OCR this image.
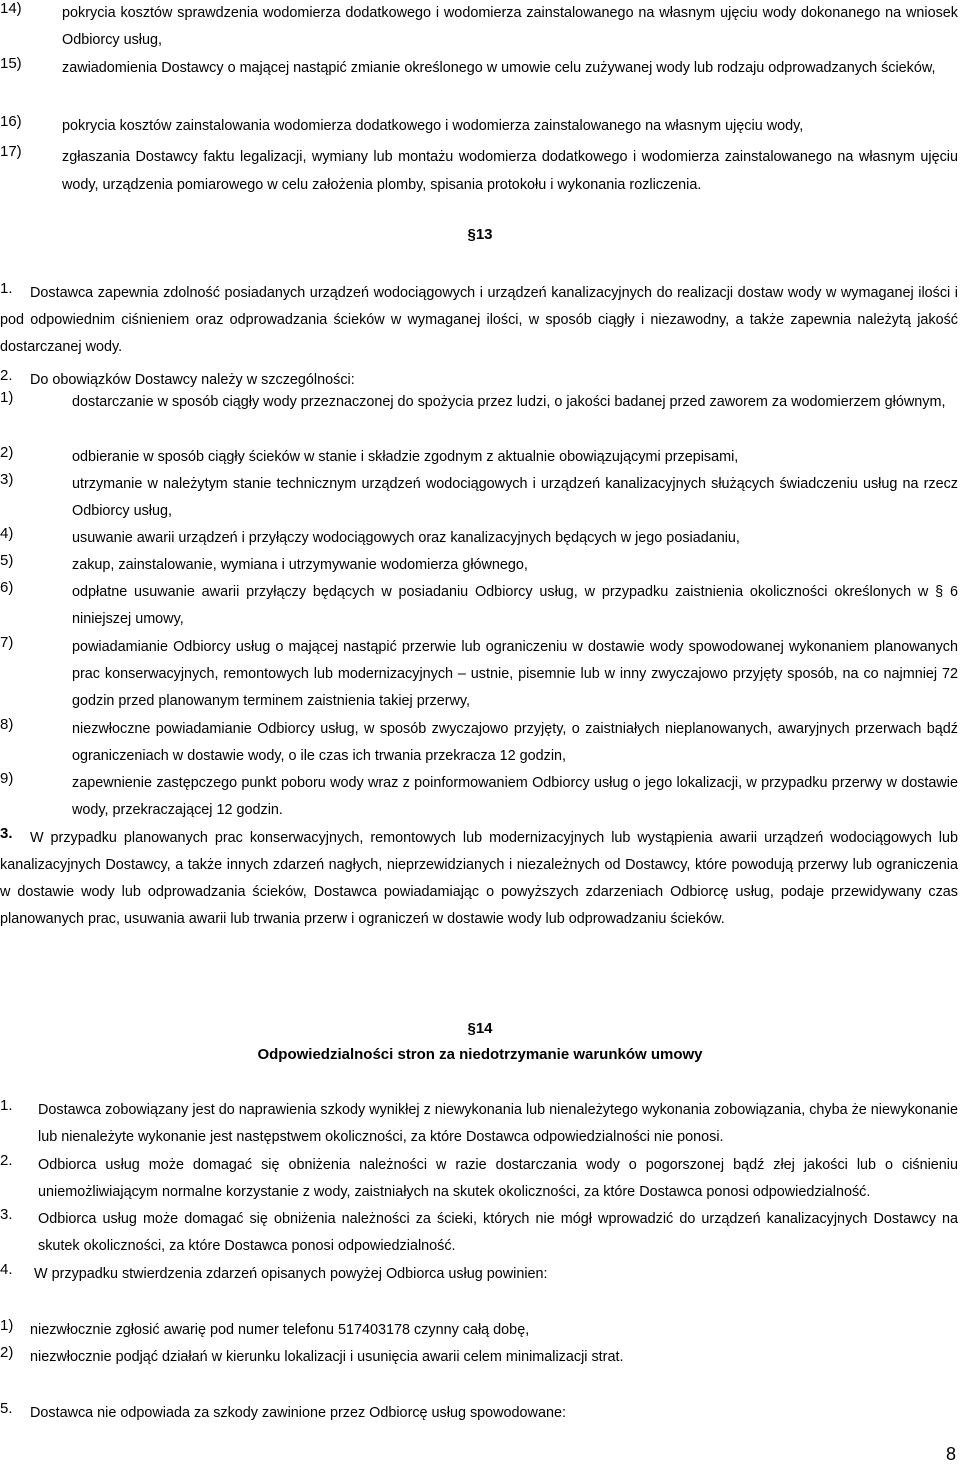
14)	pokrycia kosztów sprawdzenia wodomierza dodatkowego i wodomierza zainstalowanego na własnym ujęciu wody dokonanego na wniosek Odbiorcy usług,
15)	zawiadomienia Dostawcy o mającej nastąpić zmianie określonego w umowie celu zużywanej wody lub rodzaju odprowadzanych ścieków,
16)	pokrycia kosztów zainstalowania wodomierza dodatkowego i wodomierza zainstalowanego na własnym ujęciu wody,
17)	zgłaszania Dostawcy faktu legalizacji, wymiany lub montażu wodomierza dodatkowego i wodomierza zainstalowanego na własnym ujęciu wody, urządzenia pomiarowego w celu założenia plomby, spisania protokołu i wykonania rozliczenia.
§13
1.	Dostawca zapewnia zdolność posiadanych urządzeń wodociągowych i urządzeń kanalizacyjnych do realizacji dostaw wody w wymaganej ilości i pod odpowiednim ciśnieniem oraz odprowadzania ścieków w wymaganej ilości, w sposób ciągły i niezawodny, a także zapewnia należytą jakość dostarczanej wody.
2. Do obowiązków Dostawcy należy w szczególności:
1)	dostarczanie w sposób ciągły wody przeznaczonej do spożycia przez ludzi, o jakości badanej przed zaworem za wodomierzem głównym,
2)	odbieranie w sposób ciągły ścieków w stanie i składzie zgodnym z aktualnie obowiązującymi przepisami,
3)	utrzymanie w należytym stanie technicznym urządzeń wodociągowych i urządzeń kanalizacyjnych służących świadczeniu usług na rzecz Odbiorcy usług,
4)	usuwanie awarii urządzeń i przyłączy wodociągowych oraz kanalizacyjnych będących w jego posiadaniu,
5)	zakup, zainstalowanie, wymiana i utrzymywanie wodomierza głównego,
6)	odpłatne usuwanie awarii przyłączy będących w posiadaniu Odbiorcy usług, w przypadku zaistnienia okoliczności określonych w § 6 niniejszej umowy,
7)	powiadamianie Odbiorcy usług o mającej nastąpić przerwie lub ograniczeniu w dostawie wody spowodowanej wykonaniem planowanych prac konserwacyjnych, remontowych lub modernizacyjnych – ustnie, pisemnie lub w inny zwyczajowo przyjęty sposób, na co najmniej 72 godzin przed planowanym terminem zaistnienia takiej przerwy,
8)	niezwłoczne powiadamianie Odbiorcy usług, w sposób zwyczajowo przyjęty, o zaistniałych nieplanowanych, awaryjnych przerwach bądź ograniczeniach w dostawie wody, o ile czas ich trwania przekracza 12 godzin,
9)	zapewnienie zastępczego punkt poboru wody wraz z poinformowaniem Odbiorcy usług o jego lokalizacji, w przypadku przerwy w dostawie wody, przekraczającej 12 godzin.
3.	W przypadku planowanych prac konserwacyjnych, remontowych lub modernizacyjnych lub wystąpienia awarii urządzeń wodociągowych lub kanalizacyjnych Dostawcy, a także innych zdarzeń nagłych, nieprzewidzianych i niezależnych od Dostawcy, które powodują przerwy lub ograniczenia w dostawie wody lub odprowadzania ścieków, Dostawca powiadamiając o powyższych zdarzeniach Odbiorcę usług, podaje przewidywany czas planowanych prac, usuwania awarii lub trwania przerw i ograniczeń w dostawie wody lub odprowadzaniu ścieków.
§14
Odpowiedzialności stron za niedotrzymanie warunków umowy
1. Dostawca zobowiązany jest do naprawienia szkody wynikłej z niewykonania lub nienależytego wykonania zobowiązania, chyba że niewykonanie lub nienależyte wykonanie jest następstwem okoliczności, za które Dostawca odpowiedzialności nie ponosi.
2. Odbiorca usług może domagać się obniżenia należności w razie dostarczania wody o pogorszonej bądź złej jakości lub o ciśnieniu uniemożliwiającym normalne korzystanie z wody, zaistniałych na skutek okoliczności, za które Dostawca ponosi odpowiedzialność.
3. Odbiorca usług może domagać się obniżenia należności za ścieki, których nie mógł wprowadzić do urządzeń kanalizacyjnych Dostawcy na skutek okoliczności, za które Dostawca ponosi odpowiedzialność.
4. W przypadku stwierdzenia zdarzeń opisanych powyżej Odbiorca usług powinien:
1) niezwłocznie zgłosić awarię pod numer telefonu 517403178 czynny całą dobę,
2) niezwłocznie podjąć działań w kierunku lokalizacji i usunięcia awarii celem minimalizacji strat.
5. Dostawca nie odpowiada za szkody zawinione przez Odbiorcę usług spowodowane:
8
